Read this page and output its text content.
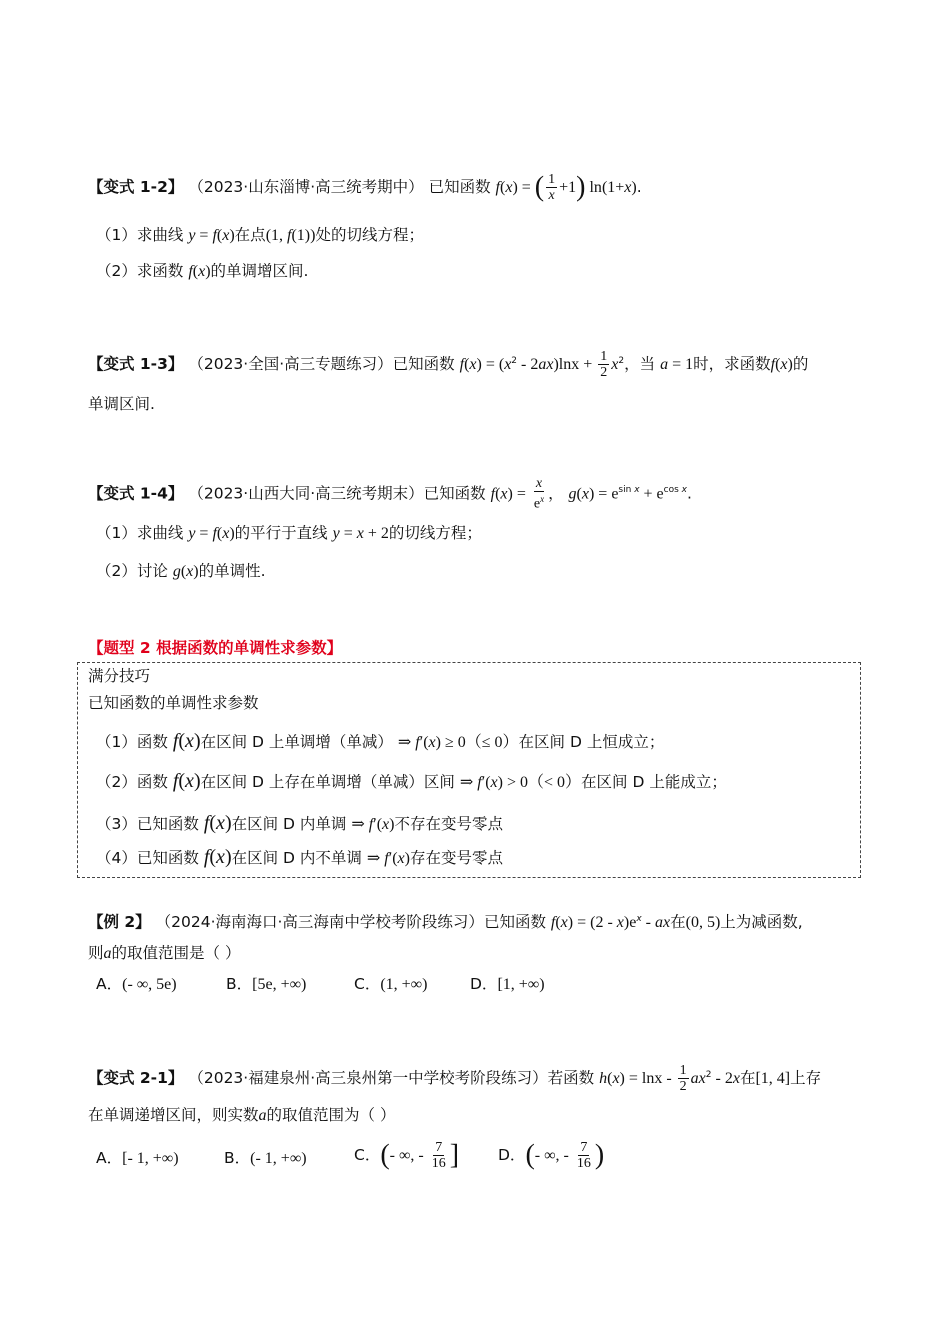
【变式 1-2】 （2023·山东淄博·高三统考期中） 已知函数 f(x) = ( $\frac{1}{x} +1$) ln(1+x).
（1）求曲线 y = f(x)在点(1, f(1))处的切线方程；
（2）求函数 f(x)的单调增区间.
【变式 1-3】 （2023·全国·高三专题练习）已知函数 $f(x) = (x^2 - 2ax)\ln x + \frac{1}{2} x^2$，当 a = 1时，求函数f(x)的
单调区间.
【变式 1-4】 （2023·山西大同·高三统考期末）已知函数 $f(x) = \frac{x}{e^x}$ ， $g(x) = e^{sin x} + e^{cos x}$.
（1）求曲线 y = f(x)的平行于直线 y = x + 2的切线方程；
（2）讨论 g(x)的单调性.
【题型 2 根据函数的单调性求参数】
满分技巧
已知函数的单调性求参数
（1）函数 f(x)在区间 D 上单调增（单减） ⇒ f′(x) ≥ 0（≤ 0）在区间 D 上恒成立；
（2）函数 f(x)在区间 D 上存在单调增（单减）区间 ⇒ f′(x) > 0（< 0）在区间 D 上能成立；
（3）已知函数 f(x)在区间 D 内单调 ⇒ f′(x)不存在变号零点
（4）已知函数 f(x)在区间 D 内不单调 ⇒ f′(x)存在变号零点
【例 2】 （2024·海南海口·高三海南中学校考阶段练习）已知函数 $f(x) = (2 - x)e^x$ - ax在(0, 5)上为减函数,
则a的取值范围是（ ）
A．(- ∞, 5e)	B．[5e, +∞)	C．(1, +∞)	D．[1, +∞)
【变式 2-1】 （2023·福建泉州·高三泉州第一中学校考阶段练习）若函数 $h(x) = \ln x - \frac{1}{2} ax^2 - 2x$在[1, 4]上存
在单调递增区间，则实数a的取值范围为（ ）
A．[- 1, +∞)	B．(- 1, +∞)	C．(- ∞, - $\frac{7}{16}$ ]	D．(- ∞, - $\frac{7}{16}$ )
